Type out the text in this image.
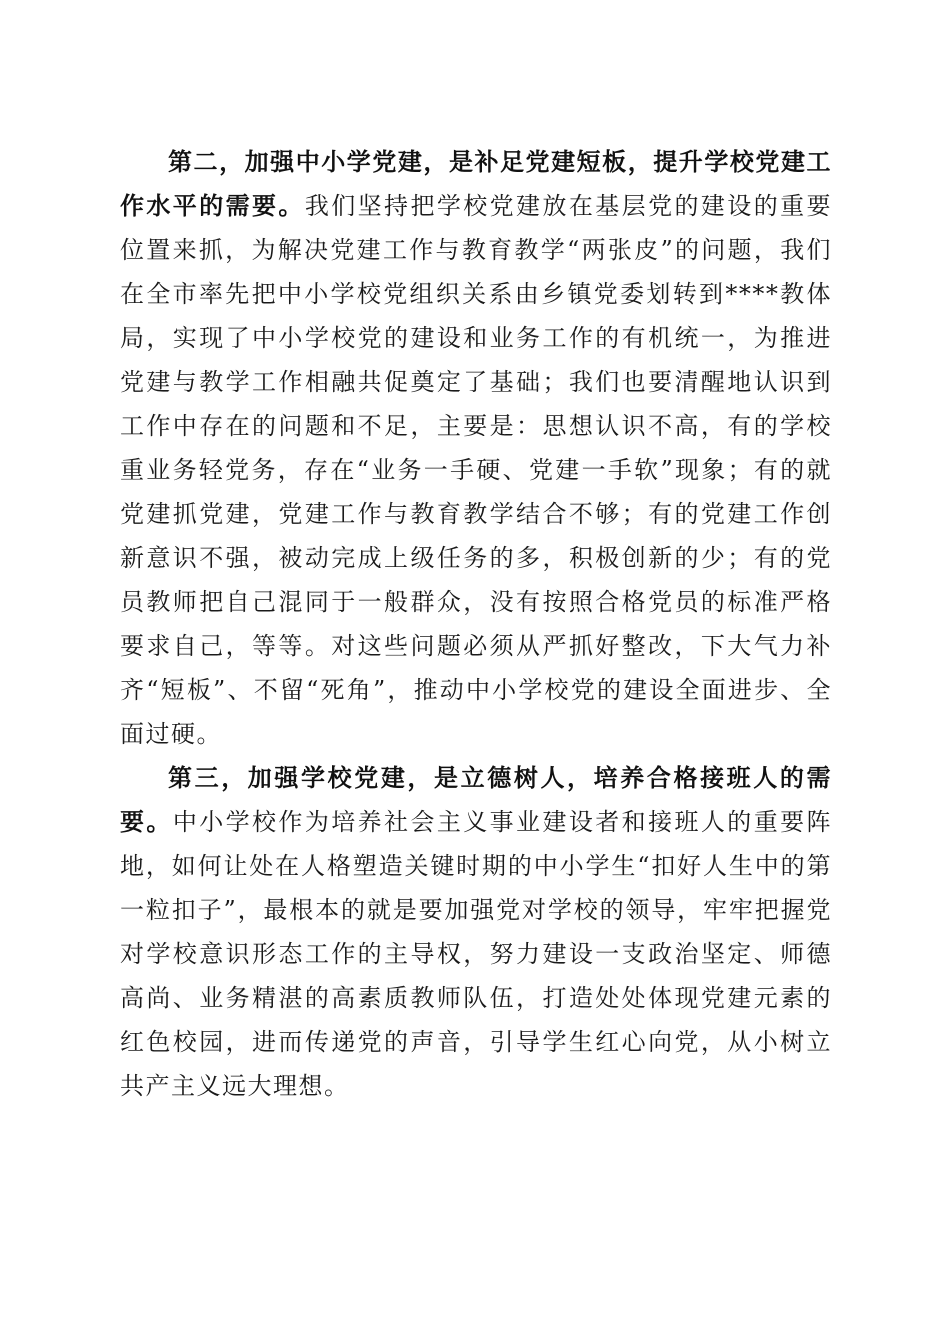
第二，加强中小学党建，是补足党建短板，提升学校党建工作水平的需要。我们坚持把学校党建放在基层党的建设的重要位置来抓，为解决党建工作与教育教学“两张皮”的问题，我们在全市率先把中小学校党组织关系由乡镇党委划转到****教体局，实现了中小学校党的建设和业务工作的有机统一，为推进党建与教学工作相融共促奠定了基础；我们也要清醒地认识到工作中存在的问题和不足，主要是：思想认识不高，有的学校重业务轻党务，存在“业务一手硬、党建一手软”现象；有的就党建抓党建，党建工作与教育教学结合不够；有的党建工作创新意识不强，被动完成上级任务的多，积极创新的少；有的党员教师把自己混同于一般群众，没有按照合格党员的标准严格要求自己，等等。对这些问题必须从严抓好整改，下大气力补齐“短板”、不留“死角”，推动中小学校党的建设全面进步、全面过硬。

第三，加强学校党建，是立德树人，培养合格接班人的需要。中小学校作为培养社会主义事业建设者和接班人的重要阵地，如何让处在人格塑造关键时期的中小学生“扣好人生中的第一粒扣子”，最根本的就是要加强党对学校的领导，牢牢把握党对学校意识形态工作的主导权，努力建设一支政治坚定、师德高尚、业务精湛的高素质教师队伍，打造处处体现党建元素的红色校园，进而传递党的声音，引导学生红心向党，从小树立共产主义远大理想。
